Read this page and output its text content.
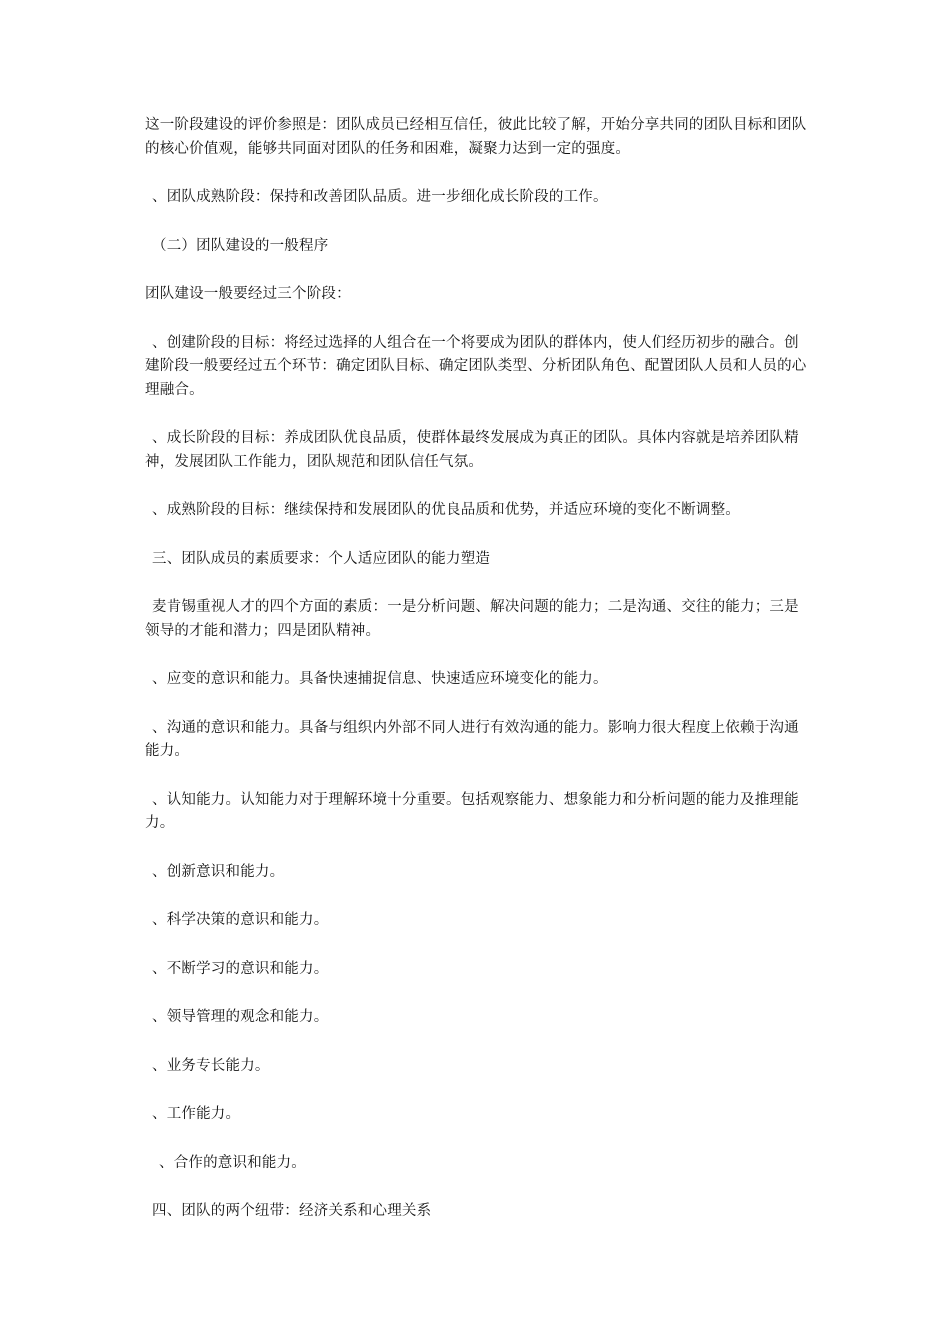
这一阶段建设的评价参照是：团队成员已经相互信任，彼此比较了解，开始分享共同的团队目标和团队的核心价值观，能够共同面对团队的任务和困难，凝聚力达到一定的强度。

、团队成熟阶段：保持和改善团队品质。进一步细化成长阶段的工作。

（二）团队建设的一般程序

团队建设一般要经过三个阶段：

、创建阶段的目标：将经过选择的人组合在一个将要成为团队的群体内，使人们经历初步的融合。创建阶段一般要经过五个环节：确定团队目标、确定团队类型、分析团队角色、配置团队人员和人员的心理融合。

、成长阶段的目标：养成团队优良品质，使群体最终发展成为真正的团队。具体内容就是培养团队精神，发展团队工作能力，团队规范和团队信任气氛。

、成熟阶段的目标：继续保持和发展团队的优良品质和优势，并适应环境的变化不断调整。

三、团队成员的素质要求：个人适应团队的能力塑造

麦肯锡重视人才的四个方面的素质：一是分析问题、解决问题的能力；二是沟通、交往的能力；三是领导的才能和潜力；四是团队精神。

、应变的意识和能力。具备快速捕捉信息、快速适应环境变化的能力。

、沟通的意识和能力。具备与组织内外部不同人进行有效沟通的能力。影响力很大程度上依赖于沟通能力。

、认知能力。认知能力对于理解环境十分重要。包括观察能力、想象能力和分析问题的能力及推理能力。

、创新意识和能力。

、科学决策的意识和能力。

、不断学习的意识和能力。

、领导管理的观念和能力。

、业务专长能力。

、工作能力。

、合作的意识和能力。

四、团队的两个纽带：经济关系和心理关系
